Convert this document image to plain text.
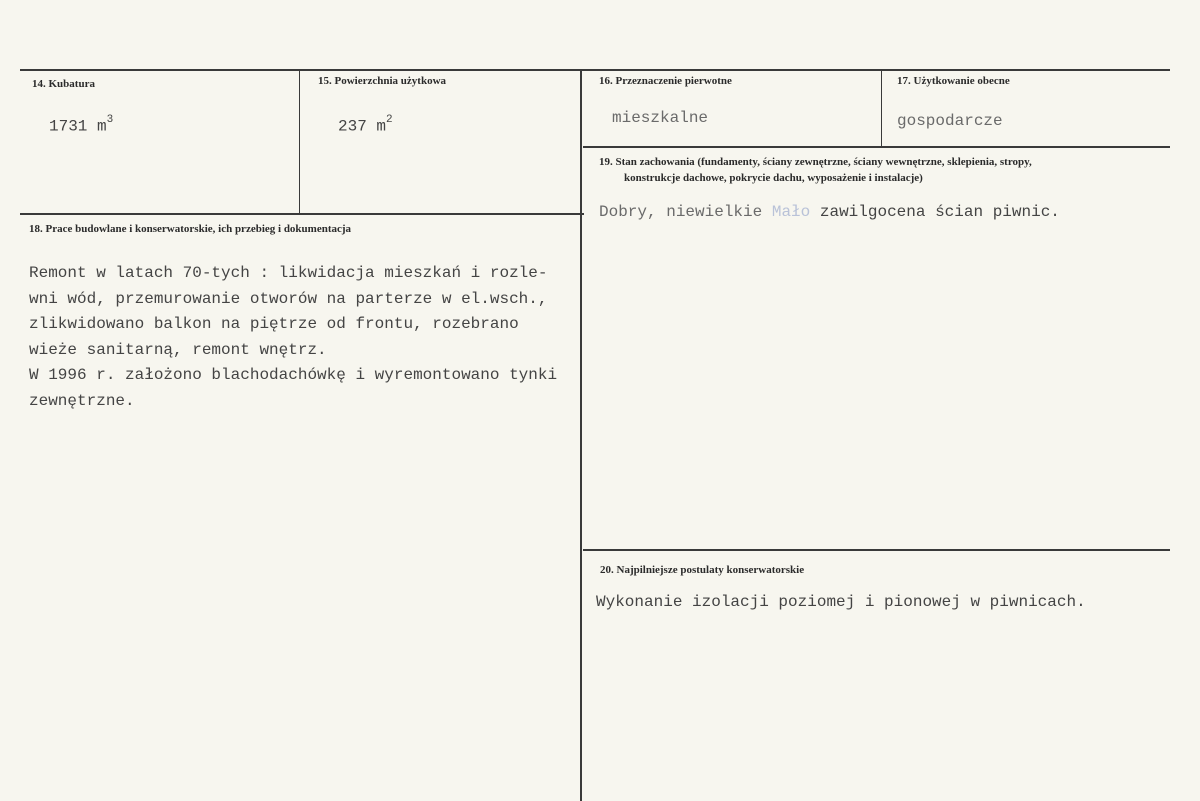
14. Kubatura
1731 $m^3$
15. Powierzchnia użytkowa
237 $m^2$
16. Przeznaczenie pierwotne
mieszkalne
17. Użytkowanie obecne
gospodarcze
18. Prace budowlane i konserwatorskie, ich przebieg i dokumentacja
Remont w latach 70-tych : likwidacja mieszkań i rozle-
wni wód, przemurowanie otworów na parterze w el.wsch.,
zlikwidowano balkon na piętrze od frontu, rozebrano
wieże sanitarną, remont wnętrz.
W 1996 r. założono blachodachówkę i wyremontowano tynki
zewnętrzne.
19. Stan zachowania (fundamenty, ściany zewnętrzne, ściany wewnętrzne, sklepienia, stropy,
konstrukcje dachowe, pokrycie dachu, wyposażenie i instalacje)
Dobry, niewielkie Mało zawilgocena ścian piwnic.
20. Najpilniejsze postulaty konserwatorskie
Wykonanie izolacji poziomej i pionowej w piwnicach.
